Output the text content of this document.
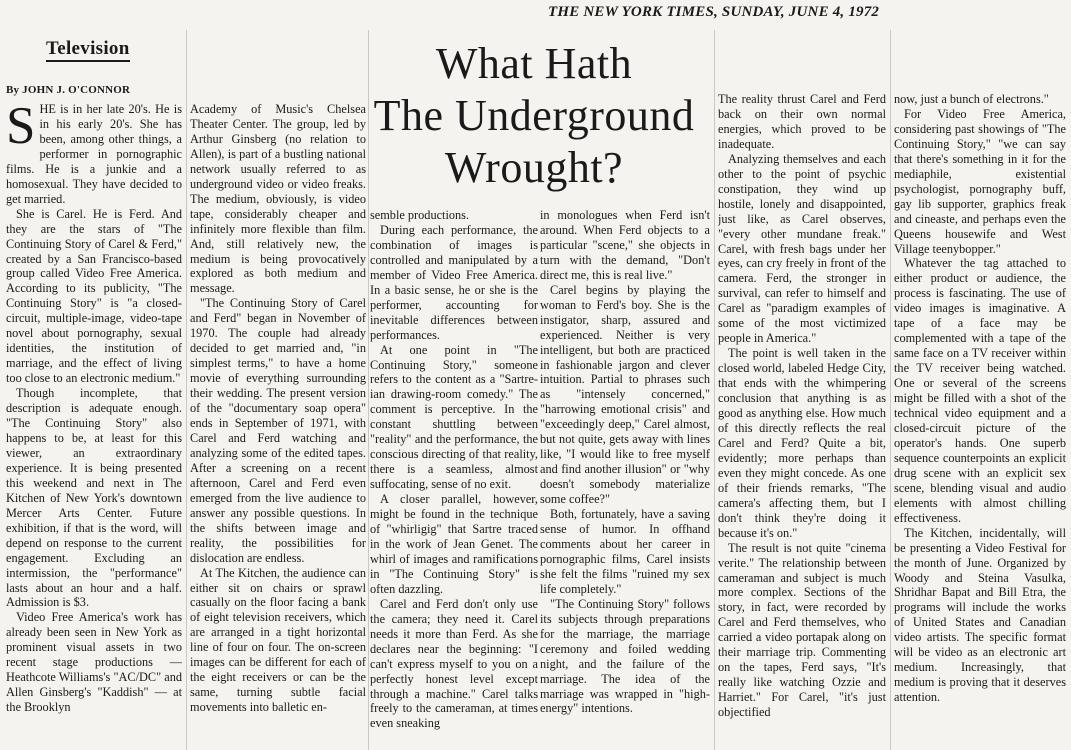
THE NEW YORK TIMES, SUNDAY, JUNE 4, 1972
Television
By JOHN J. O'CONNOR
What Hath
The Underground
Wrought?

SHE is in her late 20's. He is in his early 20's. She has been, among other things, a performer in pornographic films. He is a junkie and a homosexual. They have decided to get married.

She is Carel. He is Ferd. And they are the stars of "The Continuing Story of Carel & Ferd," created by a San Francisco-based group called Video Free America. According to its publicity, "The Continuing Story" is "a closed-circuit, multiple-image, video-tape novel about pornography, sexual identities, the institution of marriage, and the effect of living too close to an electronic medium."

Though incomplete, that description is adequate enough. "The Continuing Story" also happens to be, at least for this viewer, an extraordinary experience. It is being presented this weekend and next in The Kitchen of New York's downtown Mercer Arts Center. Future exhibition, if that is the word, will depend on response to the current engagement. Excluding an intermission, the "performance" lasts about an hour and a half. Admission is $3.

Video Free America's work has already been seen in New York as prominent visual assets in two recent stage productions — Heathcote Williams's "AC/DC" and Allen Ginsberg's "Kaddish" — at the Brooklyn

Academy of Music's Chelsea Theater Center. The group, led by Arthur Ginsberg (no relation to Allen), is part of a bustling national network usually referred to as underground video or video freaks. The medium, obviously, is video tape, considerably cheaper and infinitely more flexible than film. And, still relatively new, the medium is being provocatively explored as both medium and message.

"The Continuing Story of Carel and Ferd" began in November of 1970. The couple had already decided to get married and, "in simplest terms," to have a home movie of everything surrounding their wedding. The present version of the "documentary soap opera" ends in September of 1971, with Carel and Ferd watching and analyzing some of the edited tapes. After a screening on a recent afternoon, Carel and Ferd even emerged from the live audience to answer any possible questions. In the shifts between image and reality, the possibilities for dislocation are endless.

At The Kitchen, the audience can either sit on chairs or sprawl casually on the floor facing a bank of eight television receivers, which are arranged in a tight horizontal line of four on four. The on-screen images can be different for each of the eight receivers or can be the same, turning subtle facial movements into balletic en-

semble productions.

During each performance, the combination of images is controlled and manipulated by a member of Video Free America. In a basic sense, he or she is the performer, accounting for inevitable differences between performances.

At one point in "The Continuing Story," someone refers to the content as a "Sartre-ian drawing-room comedy." The comment is perceptive. In the constant shuttling between "reality" and the performance, the conscious directing of that reality, there is a seamless, almost suffocating, sense of no exit.

A closer parallel, however, might be found in the technique of "whirligig" that Sartre traced in the work of Jean Genet. The whirl of images and ramifications in "The Continuing Story" is often dazzling.

Carel and Ferd don't only use the camera; they need it. Carel needs it more than Ferd. As she declares near the beginning: "I can't express myself to you on a perfectly honest level except through a machine." Carel talks freely to the cameraman, at times even sneaking

in monologues when Ferd isn't around. When Ferd objects to a particular "scene," she objects in turn with the demand, "Don't direct me, this is real live."

Carel begins by playing the woman to Ferd's boy. She is the instigator, sharp, assured and experienced. Neither is very intelligent, but both are practiced in fashionable jargon and clever intuition. Partial to phrases such as "intensely concerned," "harrowing emotional crisis" and "exceedingly deep," Carel almost, but not quite, gets away with lines like, "I would like to free myself and find another illusion" or "why doesn't somebody materialize some coffee?"

Both, fortunately, have a saving sense of humor. In offhand comments about her career in pornographic films, Carel insists she felt the films "ruined my sex life completely."

"The Continuing Story" follows its subjects through preparations for the marriage, the marriage ceremony and foiled wedding night, and the failure of the marriage. The idea of the marriage was wrapped in "high-energy" intentions.

The reality thrust Carel and Ferd back on their own normal energies, which proved to be inadequate.

Analyzing themselves and each other to the point of psychic constipation, they wind up hostile, lonely and disappointed, just like, as Carel observes, "every other mundane freak." Carel, with fresh bags under her eyes, can cry freely in front of the camera. Ferd, the stronger in survival, can refer to himself and Carel as "paradigm examples of some of the most victimized people in America."

The point is well taken in the closed world, labeled Hedge City, that ends with the whimpering conclusion that anything is as good as anything else. How much of this directly reflects the real Carel and Ferd? Quite a bit, evidently; more perhaps than even they might concede. As one of their friends remarks, "The camera's affecting them, but I don't think they're doing it because it's on."

The result is not quite "cinema verite." The relationship between cameraman and subject is much more complex. Sections of the story, in fact, were recorded by Carel and Ferd themselves, who carried a video portapak along on their marriage trip. Commenting on the tapes, Ferd says, "It's really like watching Ozzie and Harriet." For Carel, "it's just objectified

now, just a bunch of electrons."

For Video Free America, considering past showings of "The Continuing Story," "we can say that there's something in it for the mediaphile, existential psychologist, pornography buff, gay lib supporter, graphics freak and cineaste, and perhaps even the Queens housewife and West Village teenybopper."

Whatever the tag attached to either product or audience, the process is fascinating. The use of video images is imaginative. A tape of a face may be complemented with a tape of the same face on a TV receiver within the TV receiver being watched. One or several of the screens might be filled with a shot of the technical video equipment and a closed-circuit picture of the operator's hands. One superb sequence counterpoints an explicit drug scene with an explicit sex scene, blending visual and audio elements with almost chilling effectiveness.

The Kitchen, incidentally, will be presenting a Video Festival for the month of June. Organized by Woody and Steina Vasulka, Shridhar Bapat and Bill Etra, the programs will include the works of United States and Canadian video artists. The specific format will be video as an electronic art medium. Increasingly, that medium is proving that it deserves attention.
